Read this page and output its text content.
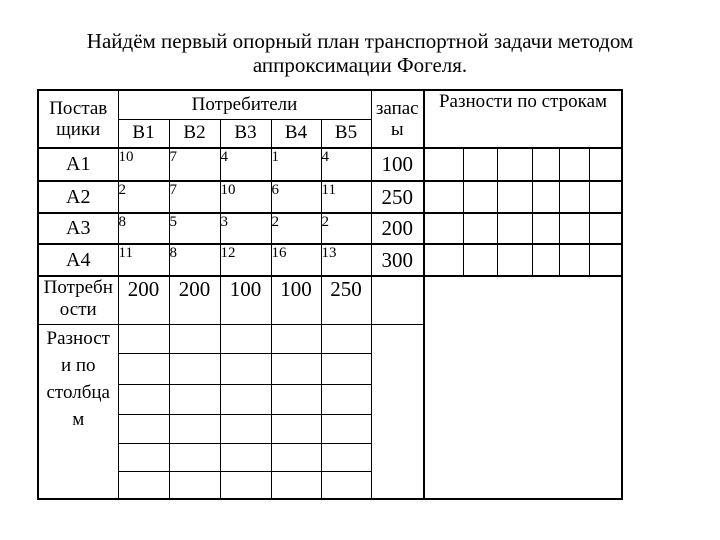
Найдём первый опорный план транспортной задачи методом
аппроксимации Фогеля.
Постав
щики	Потребители					запас
ы	Разности по строкам					
	В1	В2	В3	В4	В5							
А1	10	7	4	1	4	100						
А2	2	7	10	6	11	250						
А3	8	5	3	2	2	200						
А4	11	8	12	16	13	300						

Потребн
ости	200	200	100	100	250							

Разност
и по
столбца
м												
